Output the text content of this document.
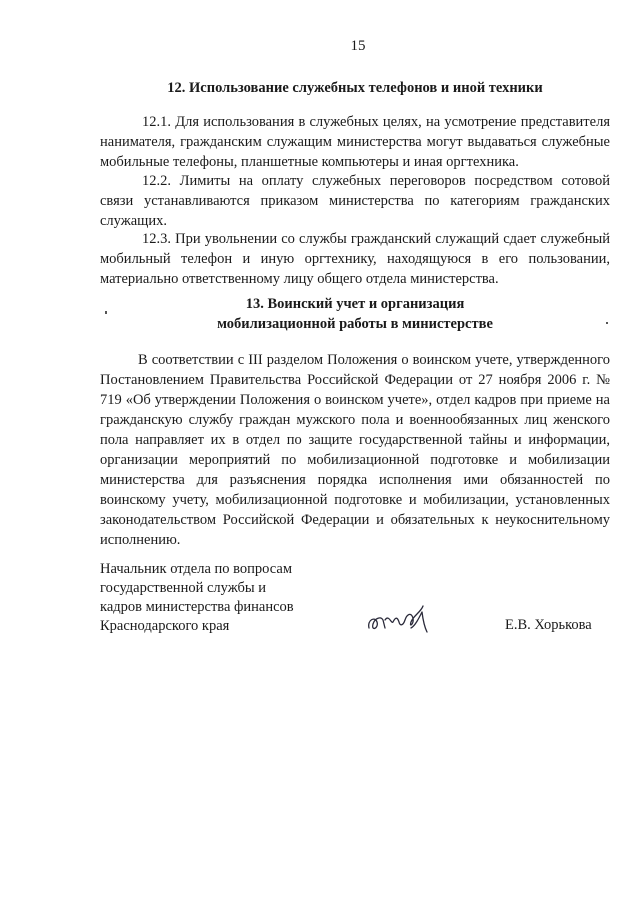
15
12. Использование служебных телефонов и иной техники

12.1. Для использования в служебных целях, на усмотрение представителя нанимателя, гражданским служащим министерства могут выдаваться служебные мобильные телефоны, планшетные компьютеры и иная оргтехника.

12.2. Лимиты на оплату служебных переговоров посредством сотовой связи устанавливаются приказом министерства по категориям гражданских служащих.

12.3. При увольнении со службы гражданский служащий сдает служебный мобильный телефон и иную оргтехнику, находящуюся в его пользовании, материально ответственному лицу общего отдела министерства.

13. Воинский учет и организация
мобилизационной работы в министерстве

В соответствии с III разделом Положения о воинском учете, утвержденного Постановлением Правительства Российской Федерации от 27 ноября 2006 г. № 719 «Об утверждении Положения о воинском учете», отдел кадров при приеме на гражданскую службу граждан мужского пола и военнообязанных лиц женского пола направляет их в отдел по защите государственной тайны и информации, организации мероприятий по мобилизационной подготовке и мобилизации министерства для разъяснения порядка исполнения ими обязанностей по воинскому учету, мобилизационной подготовке и мобилизации, установленных законодательством Российской Федерации и обязательных к неукоснительному исполнению.

Начальник отдела по вопросам
государственной службы и
кадров министерства финансов
Краснодарского края	Е.В. Хорькова
